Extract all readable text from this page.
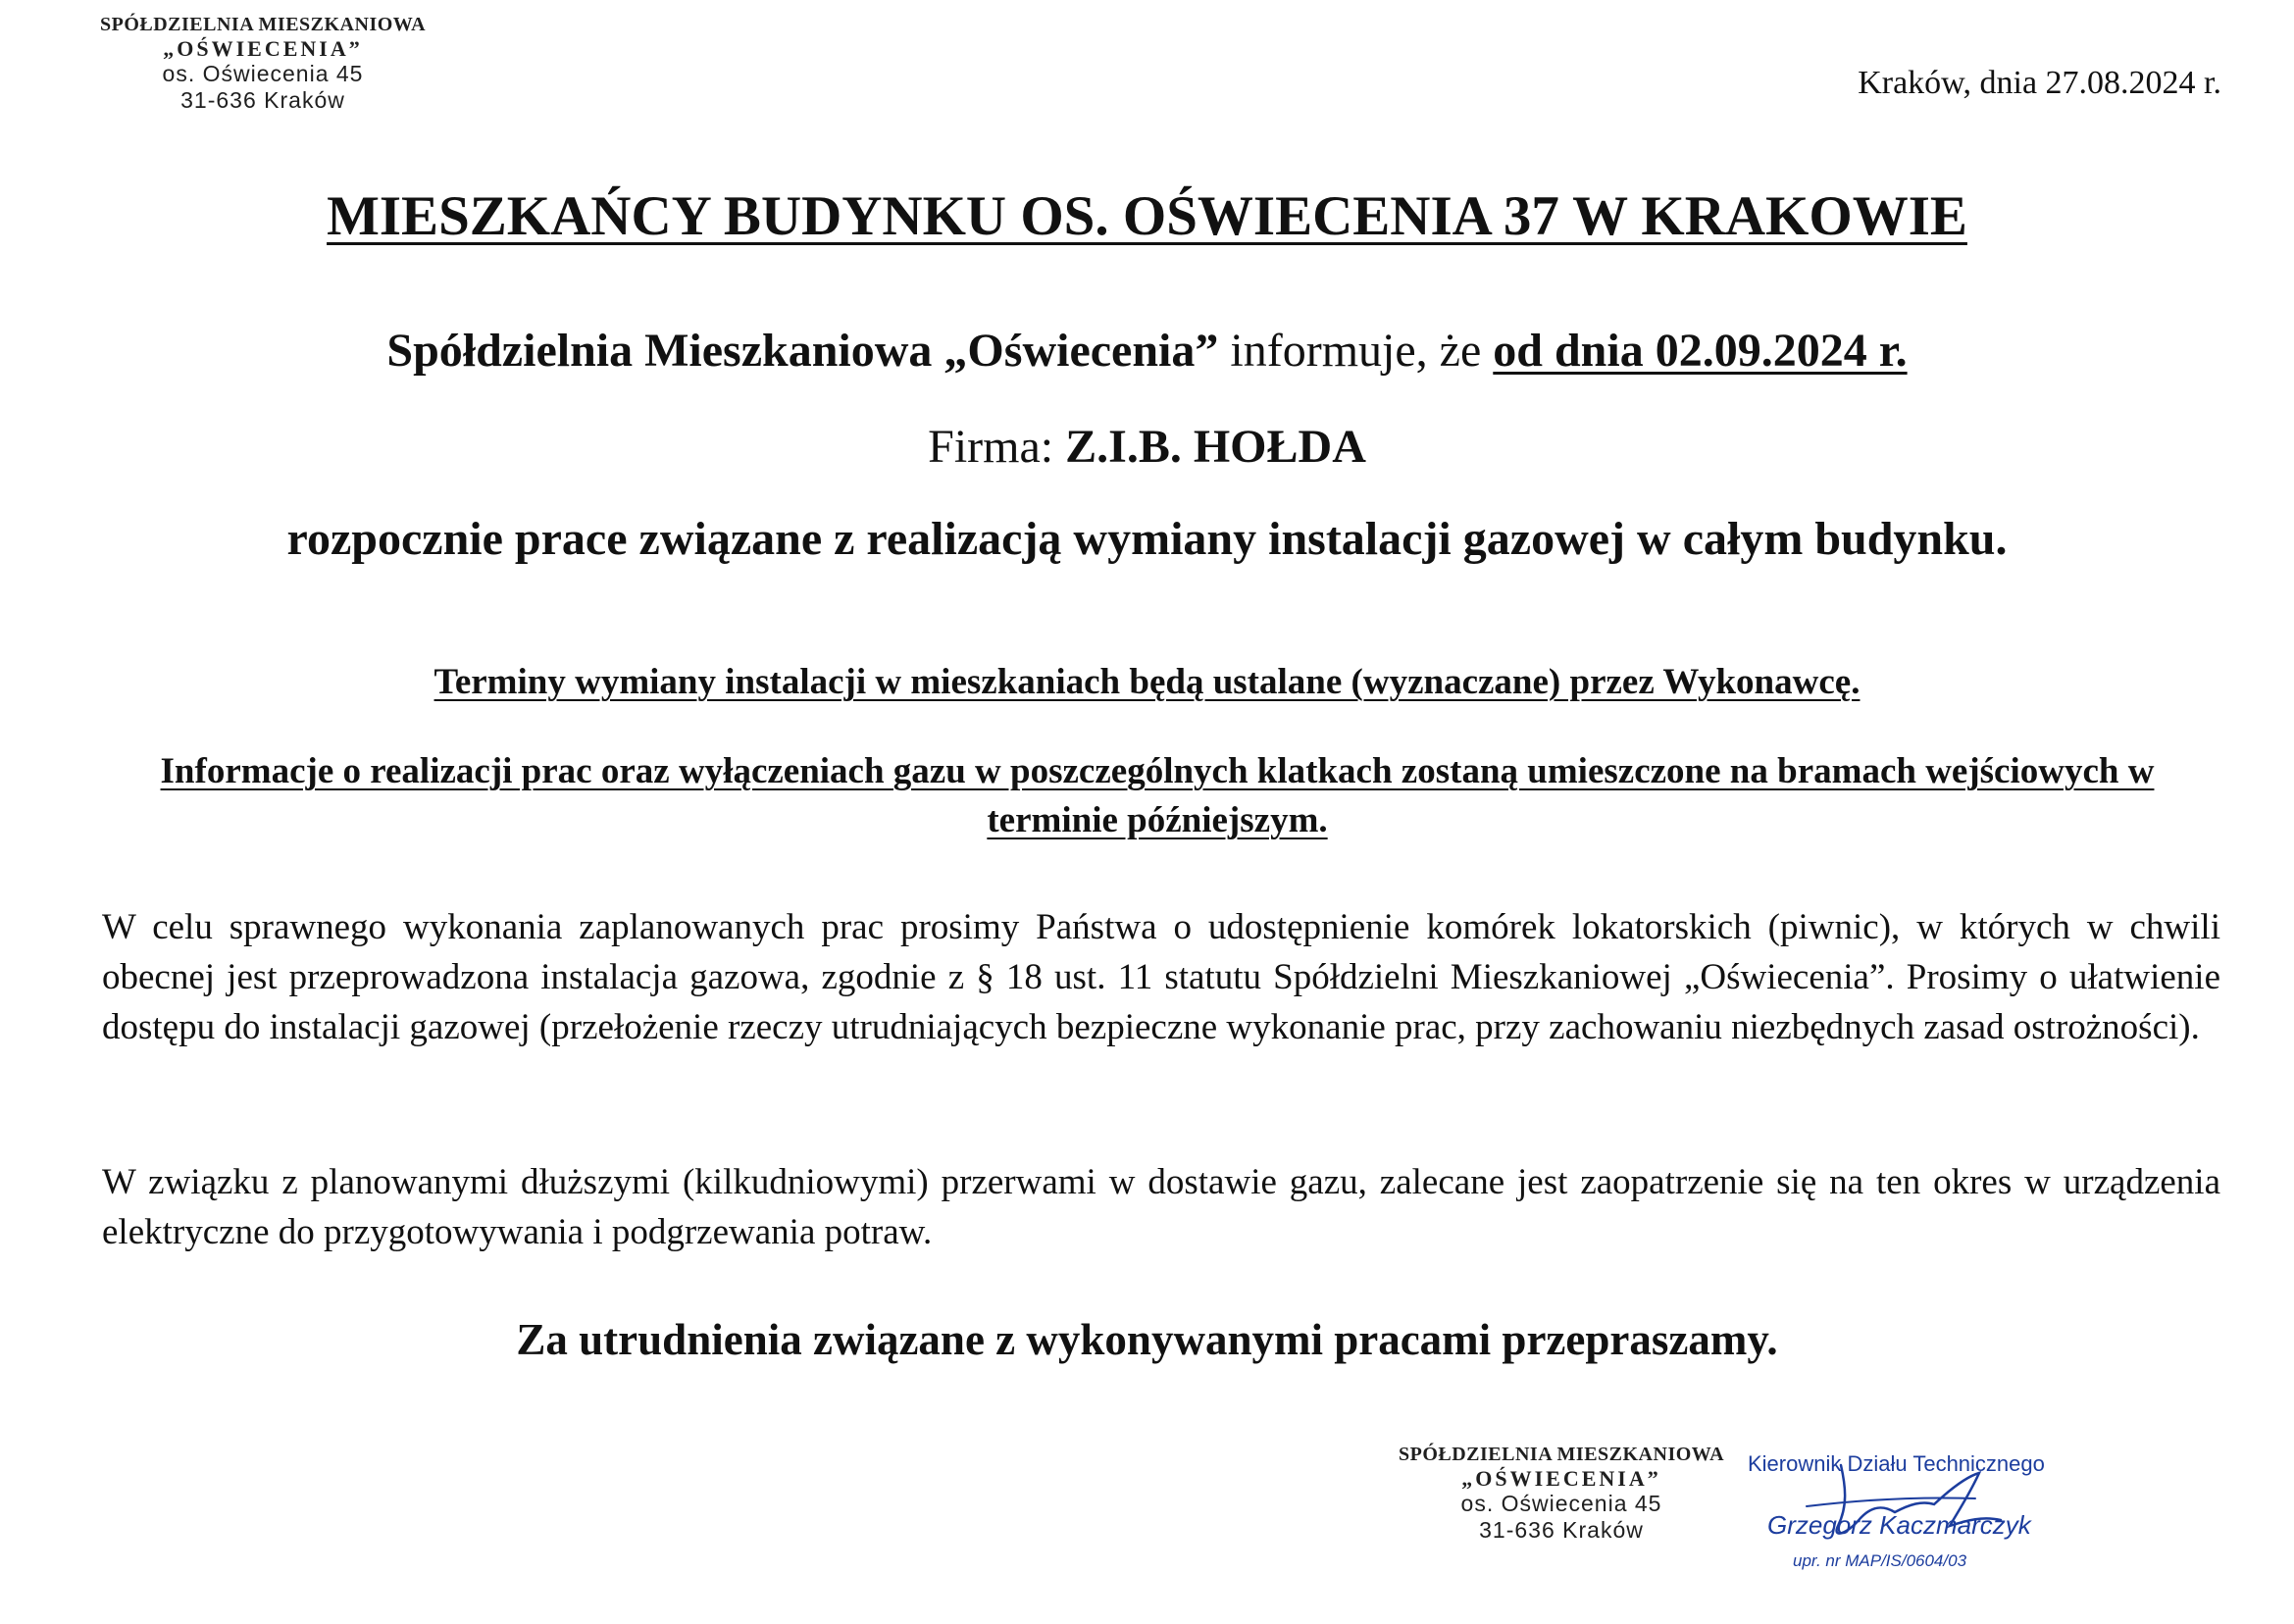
SPÓŁDZIELNIA MIESZKANIOWA
„OŚWIECENIA”
os. Oświecenia 45
31-636 Kraków	Kraków, dnia 27.08.2024 r.
MIESZKAŃCY BUDYNKU OS. OŚWIECENIA 37 W KRAKOWIE
Spółdzielnia Mieszkaniowa „Oświecenia” informuje, że od dnia 02.09.2024 r.
Firma: Z.I.B. HOŁDA
rozpocznie prace związane z realizacją wymiany instalacji gazowej w całym budynku.
Terminy wymiany instalacji w mieszkaniach będą ustalane (wyznaczane) przez Wykonawcę.
Informacje o realizacji prac oraz wyłączeniach gazu w poszczególnych klatkach zostaną umieszczone na bramach wejściowych w terminie późniejszym.
W celu sprawnego wykonania zaplanowanych prac prosimy Państwa o udostępnienie komórek lokatorskich (piwnic), w których w chwili obecnej jest przeprowadzona instalacja gazowa, zgodnie z § 18 ust. 11 statutu Spółdzielni Mieszkaniowej „Oświecenia”. Prosimy o ułatwienie dostępu do instalacji gazowej (przełożenie rzeczy utrudniających bezpieczne wykonanie prac, przy zachowaniu niezbędnych zasad ostrożności).
W związku z planowanymi dłuższymi (kilkudniowymi) przerwami w dostawie gazu, zalecane jest zaopatrzenie się na ten okres w urządzenia elektryczne do przygotowywania i podgrzewania potraw.
Za utrudnienia związane z wykonywanymi pracami przepraszamy.
SPÓŁDZIELNIA MIESZKANIOWA
„OŚWIECENIA”
os. Oświecenia 45
31-636 Kraków
Kierownik Działu Technicznego
Grzegorz Kaczmarczyk
upr. nr MAP/IS/0604/03
